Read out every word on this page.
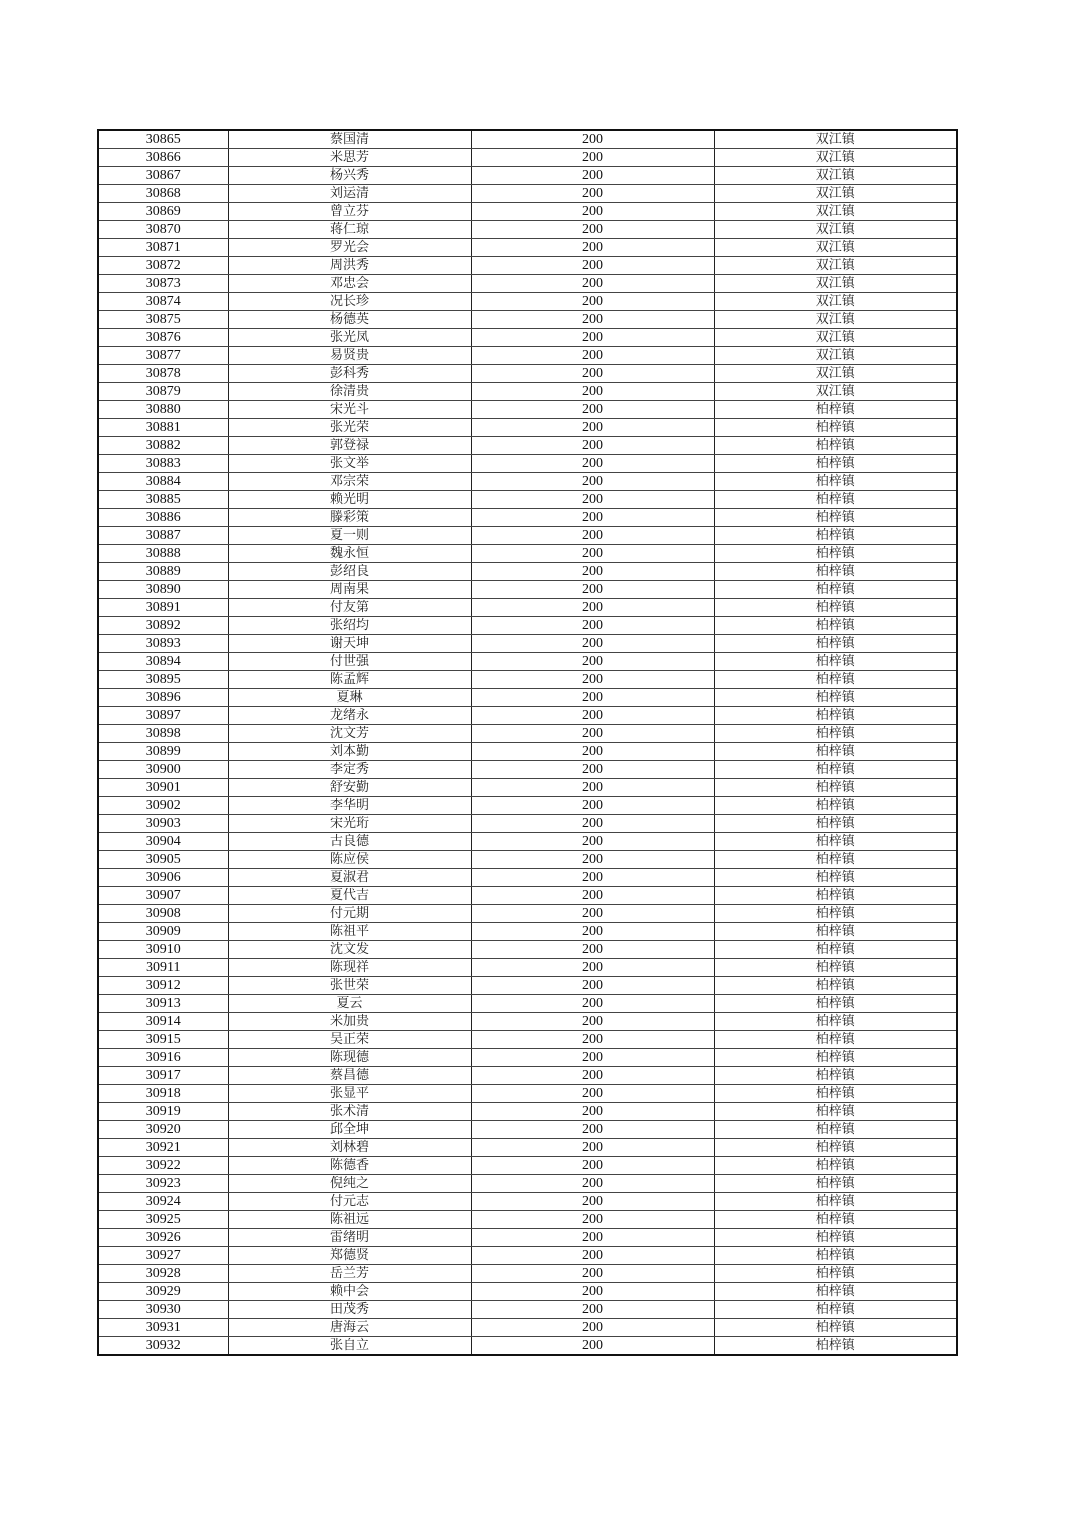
30865	蔡国清	200	双江镇
30866	米思芳	200	双江镇
30867	杨兴秀	200	双江镇
30868	刘运清	200	双江镇
30869	曾立芬	200	双江镇
30870	蒋仁琼	200	双江镇
30871	罗光会	200	双江镇
30872	周洪秀	200	双江镇
30873	邓忠会	200	双江镇
30874	况长珍	200	双江镇
30875	杨德英	200	双江镇
30876	张光凤	200	双江镇
30877	易贤贵	200	双江镇
30878	彭科秀	200	双江镇
30879	徐清贵	200	双江镇
30880	宋光斗	200	柏梓镇
30881	张光荣	200	柏梓镇
30882	郭登禄	200	柏梓镇
30883	张文举	200	柏梓镇
30884	邓宗荣	200	柏梓镇
30885	赖光明	200	柏梓镇
30886	滕彩策	200	柏梓镇
30887	夏一则	200	柏梓镇
30888	魏永恒	200	柏梓镇
30889	彭绍良	200	柏梓镇
30890	周南果	200	柏梓镇
30891	付友第	200	柏梓镇
30892	张绍均	200	柏梓镇
30893	谢天坤	200	柏梓镇
30894	付世强	200	柏梓镇
30895	陈孟辉	200	柏梓镇
30896	夏琳	200	柏梓镇
30897	龙绪永	200	柏梓镇
30898	沈文芳	200	柏梓镇
30899	刘本勤	200	柏梓镇
30900	李定秀	200	柏梓镇
30901	舒安勤	200	柏梓镇
30902	李华明	200	柏梓镇
30903	宋光珩	200	柏梓镇
30904	古良德	200	柏梓镇
30905	陈应侯	200	柏梓镇
30906	夏淑君	200	柏梓镇
30907	夏代吉	200	柏梓镇
30908	付元期	200	柏梓镇
30909	陈祖平	200	柏梓镇
30910	沈文发	200	柏梓镇
30911	陈现祥	200	柏梓镇
30912	张世荣	200	柏梓镇
30913	夏云	200	柏梓镇
30914	米加贵	200	柏梓镇
30915	吴正荣	200	柏梓镇
30916	陈现德	200	柏梓镇
30917	蔡昌德	200	柏梓镇
30918	张显平	200	柏梓镇
30919	张术清	200	柏梓镇
30920	邱全坤	200	柏梓镇
30921	刘林碧	200	柏梓镇
30922	陈德香	200	柏梓镇
30923	倪纯之	200	柏梓镇
30924	付元志	200	柏梓镇
30925	陈祖远	200	柏梓镇
30926	雷绪明	200	柏梓镇
30927	郑德贤	200	柏梓镇
30928	岳兰芳	200	柏梓镇
30929	赖中会	200	柏梓镇
30930	田茂秀	200	柏梓镇
30931	唐海云	200	柏梓镇
30932	张自立	200	柏梓镇
